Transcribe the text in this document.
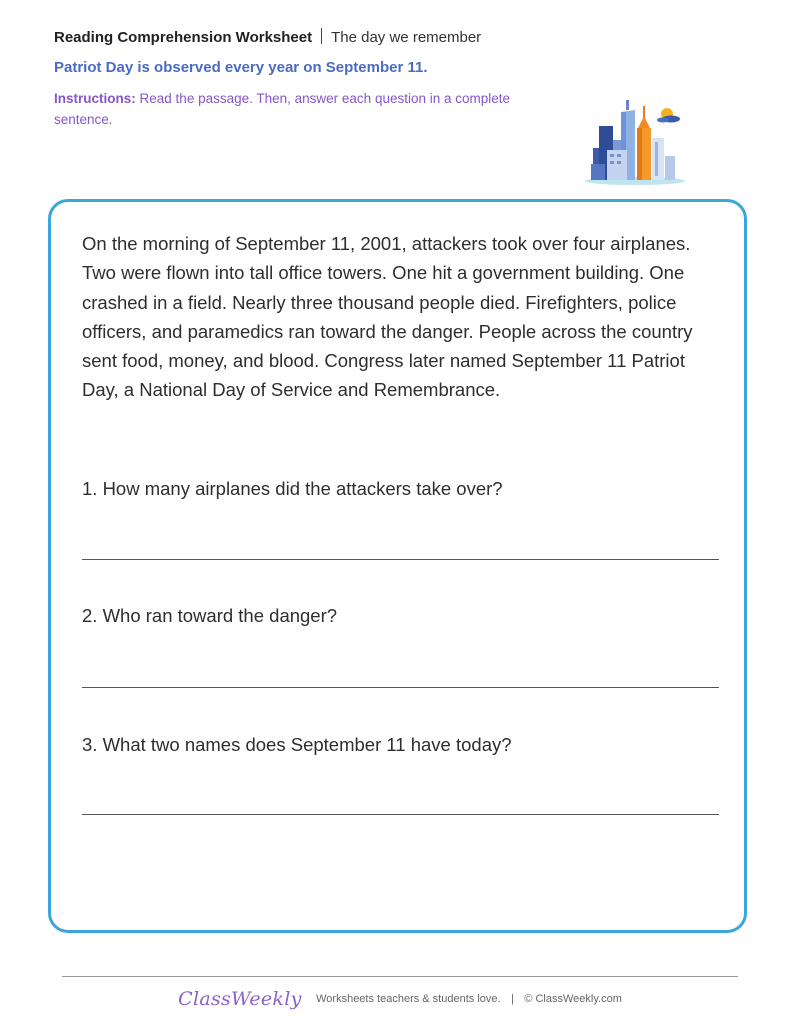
Reading Comprehension Worksheet The day we remember
Patriot Day is observed every year on September 11.
Instructions: Read the passage. Then, answer each question in a complete sentence.
On the morning of September 11, 2001, attackers took over four airplanes. Two were flown into tall office towers. One hit a government building. One crashed in a field. Nearly three thousand people died. Firefighters, police officers, and paramedics ran toward the danger. People across the country sent food, money, and blood. Congress later named September 11 Patriot Day, a National Day of Service and Remembrance.
1. How many airplanes did the attackers take over?
2. Who ran toward the danger?
3. What two names does September 11 have today?
ClassWeekly Worksheets teachers & students love. | © ClassWeekly.com
